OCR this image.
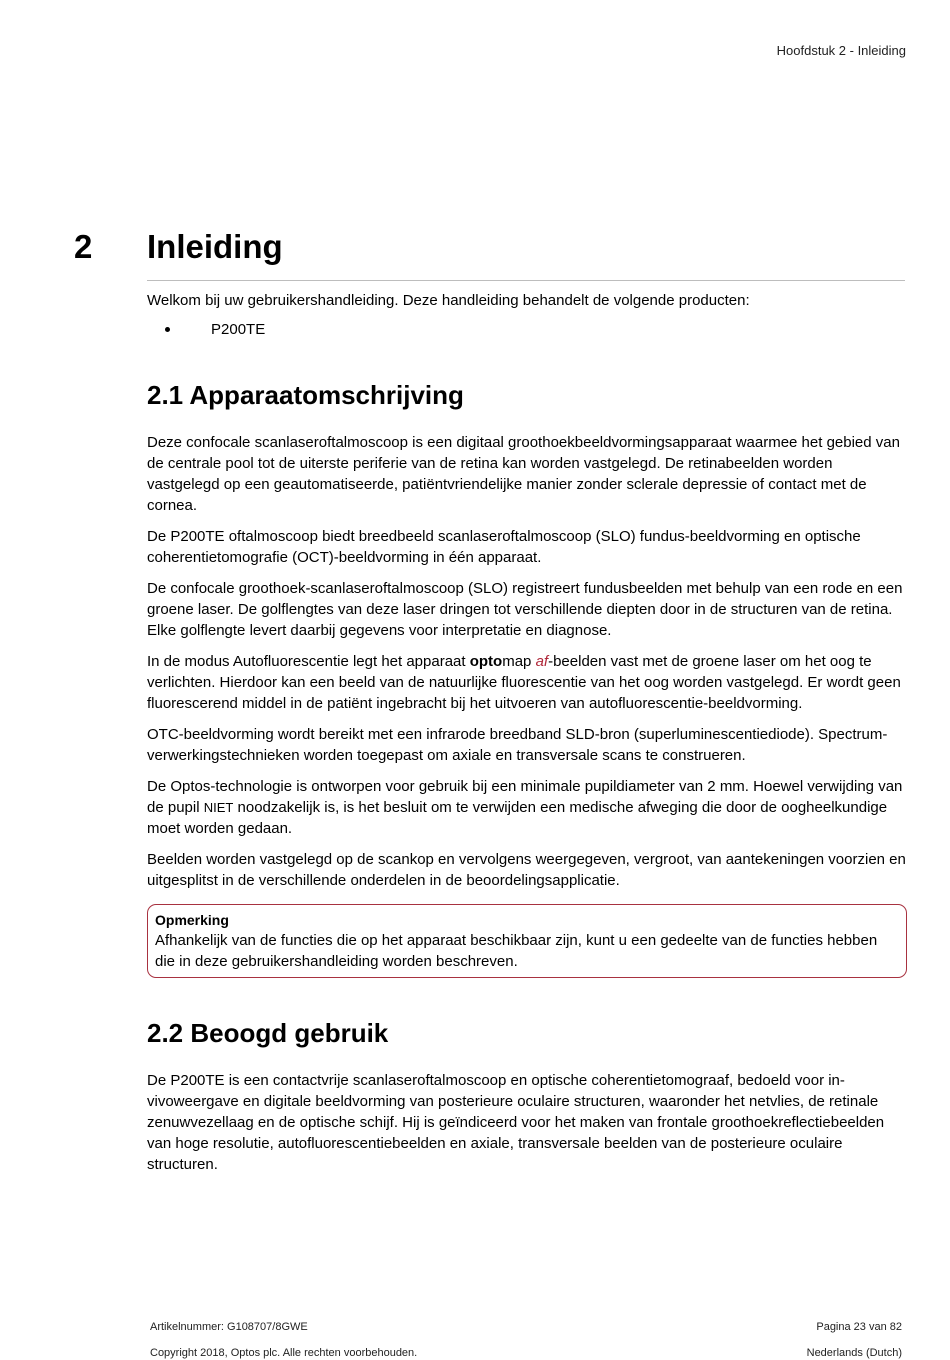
Hoofdstuk 2 - Inleiding
2 Inleiding

Welkom bij uw gebruikershandleiding. Deze handleiding behandelt de volgende producten:

P200TE
2.1 Apparaatomschrijving

Deze confocale scanlaseroftalmoscoop is een digitaal groothoekbeeldvormingsapparaat waarmee het gebied van de centrale pool tot de uiterste periferie van de retina kan worden vastgelegd. De retinabeelden worden vastgelegd op een geautomatiseerde, patiëntvriendelijke manier zonder sclerale depressie of contact met de cornea.

De P200TE oftalmoscoop biedt breedbeeld scanlaseroftalmoscoop (SLO) fundus-beeldvorming en optische coherentietomografie (OCT)-beeldvorming in één apparaat.

De confocale groothoek-scanlaseroftalmoscoop (SLO) registreert fundusbeelden met behulp van een rode en een groene laser. De golflengtes van deze laser dringen tot verschillende diepten door in de structuren van de retina. Elke golflengte levert daarbij gegevens voor interpretatie en diagnose.

In de modus Autofluorescentie legt het apparaat optomap af-beelden vast met de groene laser om het oog te verlichten. Hierdoor kan een beeld van de natuurlijke fluorescentie van het oog worden vastgelegd. Er wordt geen fluorescerend middel in de patiënt ingebracht bij het uitvoeren van autofluorescentie-beeldvorming.

OTC-beeldvorming wordt bereikt met een infrarode breedband SLD-bron (superluminescentiediode). Spectrum-verwerkingstechnieken worden toegepast om axiale en transversale scans te construeren.

De Optos-technologie is ontworpen voor gebruik bij een minimale pupildiameter van 2 mm. Hoewel verwijding van de pupil NIET noodzakelijk is, is het besluit om te verwijden een medische afweging die door de oogheelkundige moet worden gedaan.

Beelden worden vastgelegd op de scankop en vervolgens weergegeven, vergroot, van aantekeningen voorzien en uitgesplitst in de verschillende onderdelen in de beoordelingsapplicatie.

Opmerking
Afhankelijk van de functies die op het apparaat beschikbaar zijn, kunt u een gedeelte van de functies hebben die in deze gebruikershandleiding worden beschreven.
2.2 Beoogd gebruik

De P200TE is een contactvrije scanlaseroftalmoscoop en optische coherentietomograaf, bedoeld voor in-vivoweergave en digitale beeldvorming van posterieure oculaire structuren, waaronder het netvlies, de retinale zenuwvezellaag en de optische schijf. Hij is geïndiceerd voor het maken van frontale groothoekreflectiebeelden van hoge resolutie, autofluorescentiebeelden en axiale, transversale beelden van de posterieure oculaire structuren.

Artikelnummer: G108707/8GWE
Copyright 2018, Optos plc. Alle rechten voorbehouden.
Pagina 23 van 82
Nederlands (Dutch)
